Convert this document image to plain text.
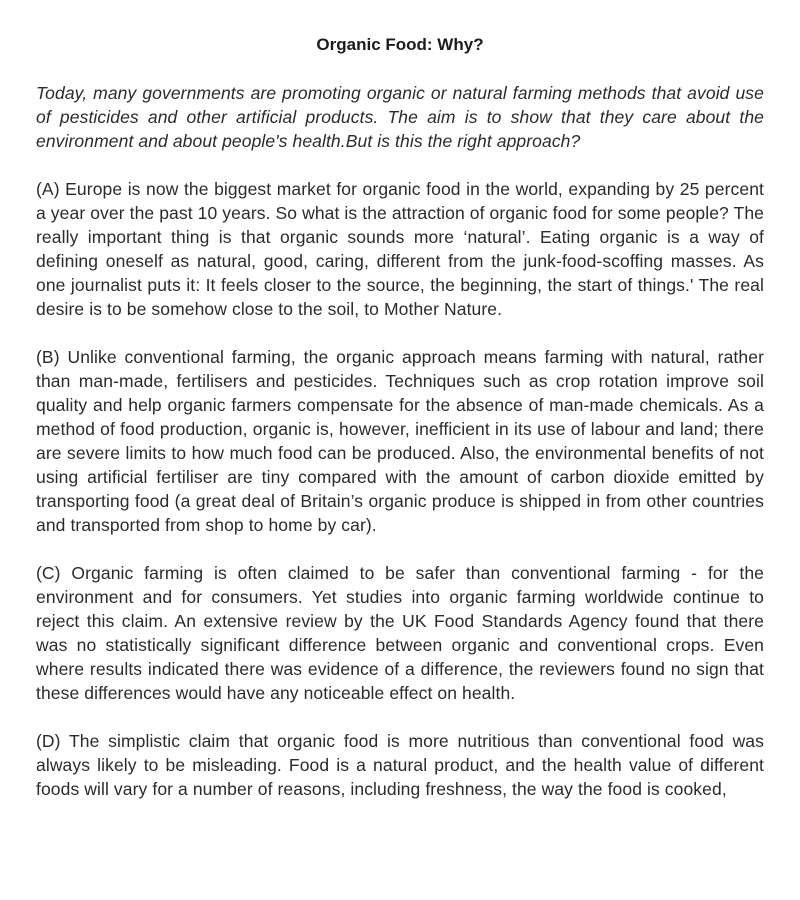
Organic Food: Why?

Today, many governments are promoting organic or natural farming methods that avoid use of pesticides and other artificial products. The aim is to show that they care about the environment and about people's health.But is this the right approach?

(A) Europe is now the biggest market for organic food in the world, expanding by 25 percent a year over the past 10 years. So what is the attraction of organic food for some people? The really important thing is that organic sounds more ‘natural’. Eating organic is a way of defining oneself as natural, good, caring, different from the junk-food-scoffing masses. As one journalist puts it: It feels closer to the source, the beginning, the start of things.' The real desire is to be somehow close to the soil, to Mother Nature.

(B) Unlike conventional farming, the organic approach means farming with natural, rather than man-made, fertilisers and pesticides. Techniques such as crop rotation improve soil quality and help organic farmers compensate for the absence of man-made chemicals. As a method of food production, organic is, however, inefficient in its use of labour and land; there are severe limits to how much food can be produced. Also, the environmental benefits of not using artificial fertiliser are tiny compared with the amount of carbon dioxide emitted by transporting food (a great deal of Britain’s organic produce is shipped in from other countries and transported from shop to home by car).

(C) Organic farming is often claimed to be safer than conventional farming - for the environment and for consumers. Yet studies into organic farming worldwide continue to reject this claim. An extensive review by the UK Food Standards Agency found that there was no statistically significant difference between organic and conventional crops. Even where results indicated there was evidence of a difference, the reviewers found no sign that these differences would have any noticeable effect on health.

(D) The simplistic claim that organic food is more nutritious than conventional food was always likely to be misleading. Food is a natural product, and the health value of different foods will vary for a number of reasons, including freshness, the way the food is cooked,
